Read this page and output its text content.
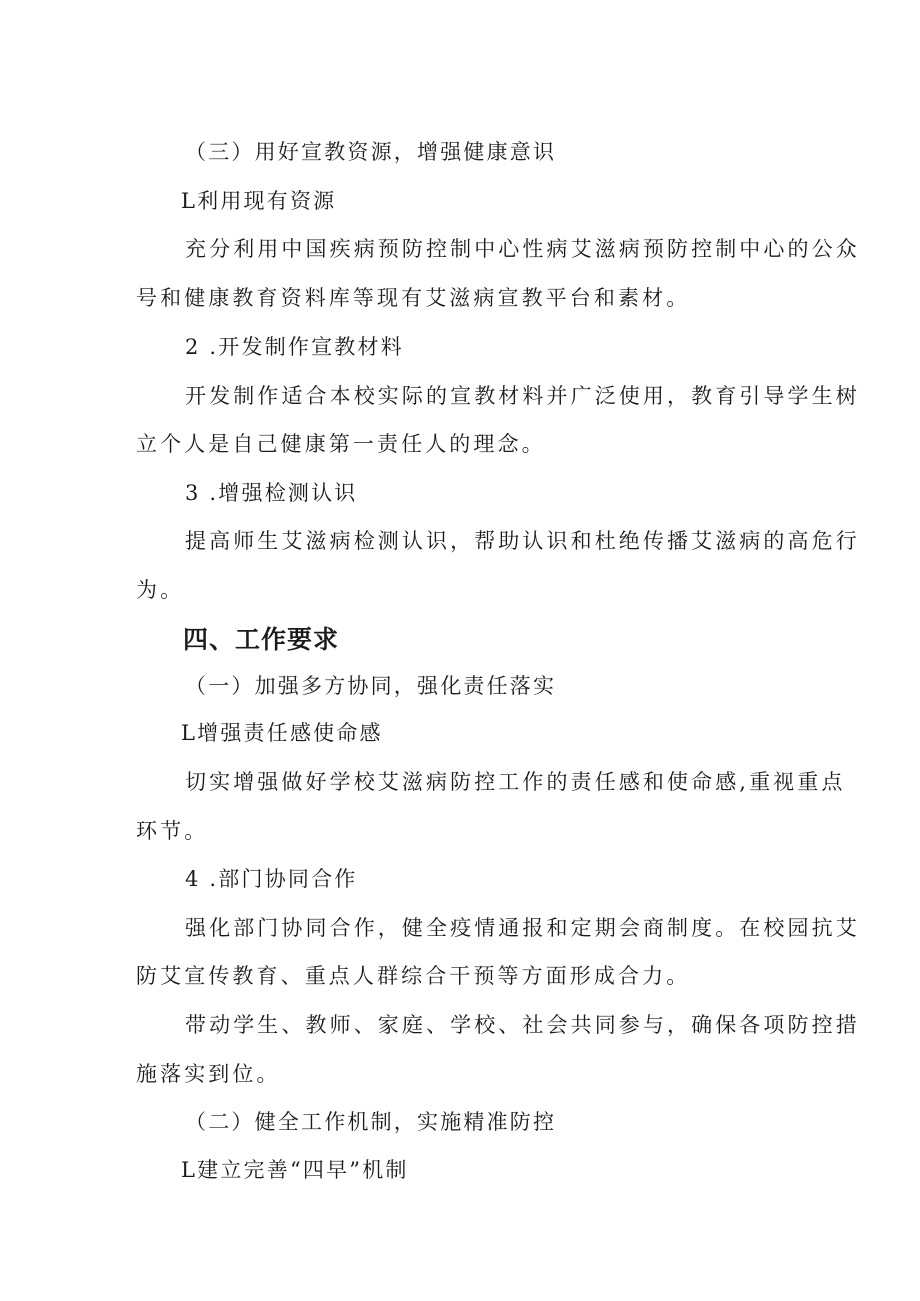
（三）用好宣教资源，增强健康意识

L利用现有资源

充分利用中国疾病预防控制中心性病艾滋病预防控制中心的公众

号和健康教育资料库等现有艾滋病宣教平台和素材。

2 .开发制作宣教材料

开发制作适合本校实际的宣教材料并广泛使用，教育引导学生树

立个人是自己健康第一责任人的理念。

3 .增强检测认识

提高师生艾滋病检测认识，帮助认识和杜绝传播艾滋病的高危行

为。

四、工作要求

（一）加强多方协同，强化责任落实

L增强责任感使命感

切实增强做好学校艾滋病防控工作的责任感和使命感,重视重点

环节。

4 .部门协同合作

强化部门协同合作，健全疫情通报和定期会商制度。在校园抗艾

防艾宣传教育、重点人群综合干预等方面形成合力。

带动学生、教师、家庭、学校、社会共同参与，确保各项防控措

施落实到位。

（二）健全工作机制，实施精准防控

L建立完善“四早”机制
